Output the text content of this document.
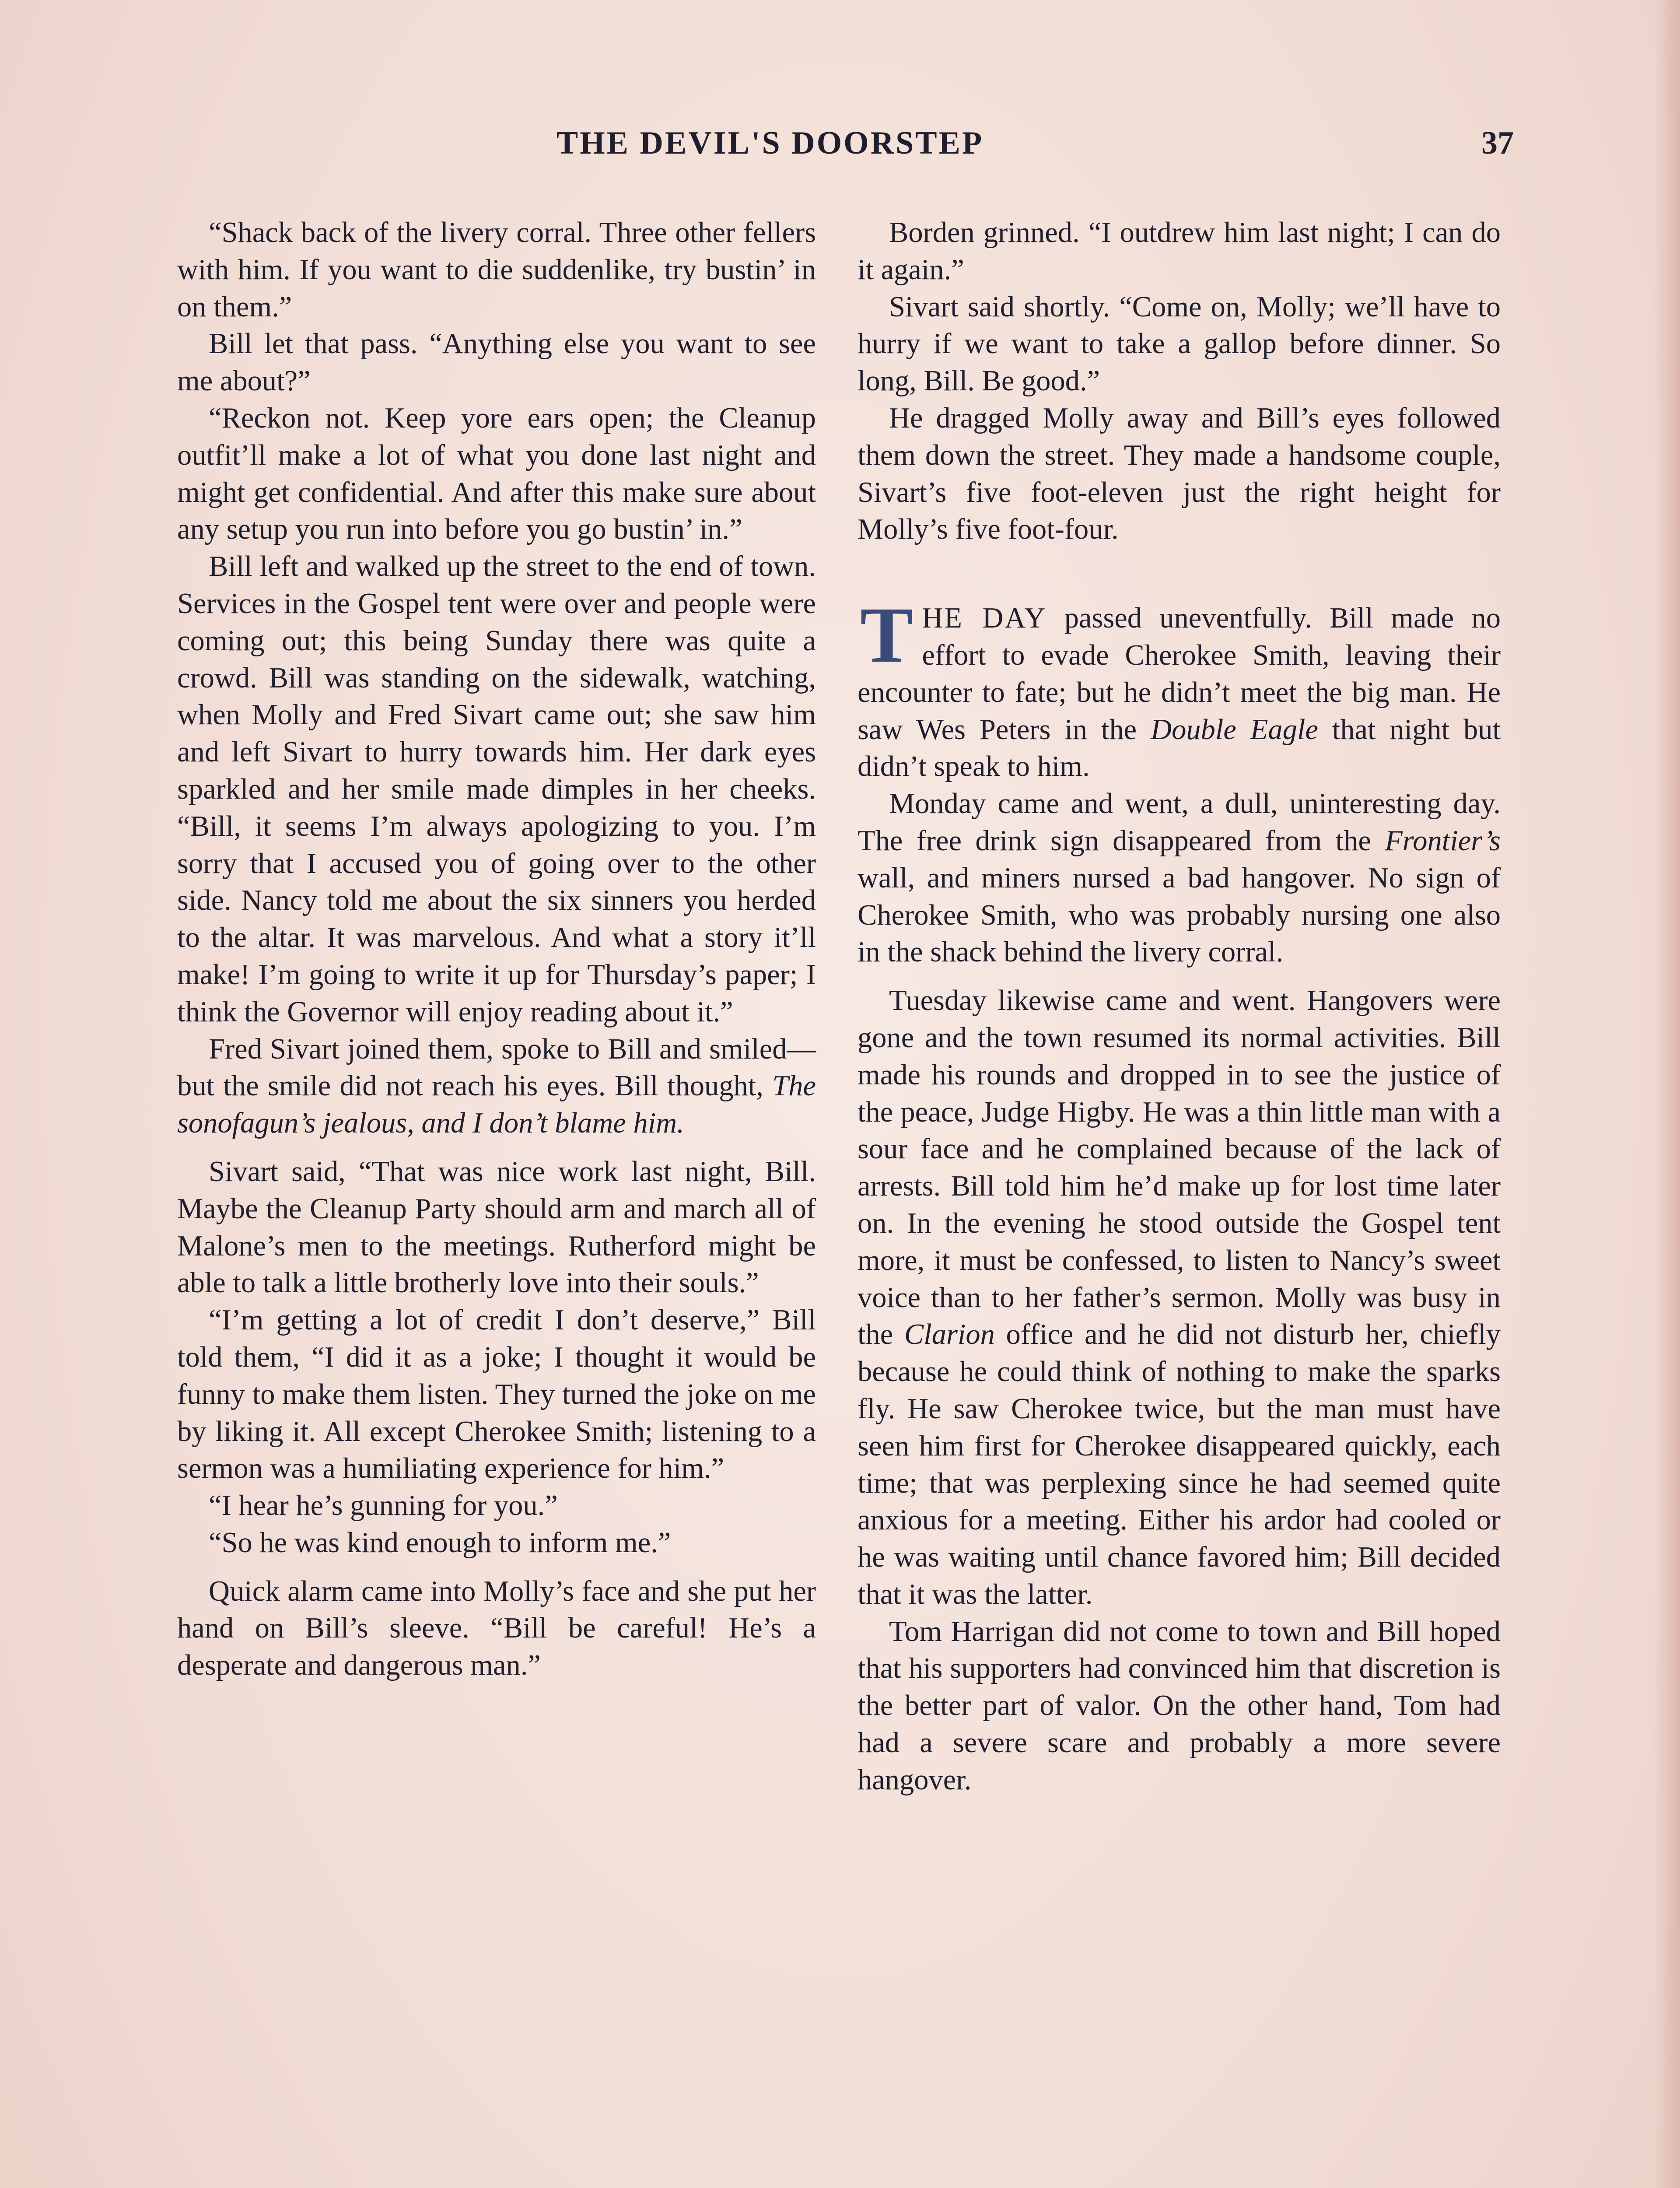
THE DEVIL'S DOORSTEP	37

“Shack back of the livery corral. Three other fellers with him. If you want to die suddenlike, try bustin’ in on them.”

Bill let that pass. “Anything else you want to see me about?”

“Reckon not. Keep yore ears open; the Cleanup outfit’ll make a lot of what you done last night and might get confidential. And after this make sure about any setup you run into before you go bustin’ in.”

Bill left and walked up the street to the end of town. Services in the Gospel tent were over and people were coming out; this being Sunday there was quite a crowd. Bill was standing on the sidewalk, watching, when Molly and Fred Sivart came out; she saw him and left Sivart to hurry towards him. Her dark eyes sparkled and her smile made dimples in her cheeks. “Bill, it seems I’m always apologizing to you. I’m sorry that I accused you of going over to the other side. Nancy told me about the six sinners you herded to the altar. It was marvelous. And what a story it’ll make! I’m going to write it up for Thursday’s paper; I think the Governor will enjoy reading about it.”

Fred Sivart joined them, spoke to Bill and smiled—but the smile did not reach his eyes. Bill thought, The sonofagun’s jealous, and I don’t blame him.

Sivart said, “That was nice work last night, Bill. Maybe the Cleanup Party should arm and march all of Malone’s men to the meetings. Rutherford might be able to talk a little brotherly love into their souls.”

“I’m getting a lot of credit I don’t deserve,” Bill told them, “I did it as a joke; I thought it would be funny to make them listen. They turned the joke on me by liking it. All except Cherokee Smith; listening to a sermon was a humiliating experience for him.”

“I hear he’s gunning for you.”

“So he was kind enough to inform me.”

Quick alarm came into Molly’s face and she put her hand on Bill’s sleeve. “Bill be careful! He’s a desperate and dangerous man.”

Borden grinned. “I outdrew him last night; I can do it again.”

Sivart said shortly. “Come on, Molly; we’ll have to hurry if we want to take a gallop before dinner. So long, Bill. Be good.”

He dragged Molly away and Bill’s eyes followed them down the street. They made a handsome couple, Sivart’s five foot-eleven just the right height for Molly’s five foot-four.

THE DAY passed uneventfully. Bill made no effort to evade Cherokee Smith, leaving their encounter to fate; but he didn’t meet the big man. He saw Wes Peters in the Double Eagle that night but didn’t speak to him.

Monday came and went, a dull, uninteresting day. The free drink sign disappeared from the Frontier’s wall, and miners nursed a bad hangover. No sign of Cherokee Smith, who was probably nursing one also in the shack behind the livery corral.

Tuesday likewise came and went. Hangovers were gone and the town resumed its normal activities. Bill made his rounds and dropped in to see the justice of the peace, Judge Higby. He was a thin little man with a sour face and he complained because of the lack of arrests. Bill told him he’d make up for lost time later on. In the evening he stood outside the Gospel tent more, it must be confessed, to listen to Nancy’s sweet voice than to her father’s sermon. Molly was busy in the Clarion office and he did not disturb her, chiefly because he could think of nothing to make the sparks fly. He saw Cherokee twice, but the man must have seen him first for Cherokee disappeared quickly, each time; that was perplexing since he had seemed quite anxious for a meeting. Either his ardor had cooled or he was waiting until chance favored him; Bill decided that it was the latter.

Tom Harrigan did not come to town and Bill hoped that his supporters had convinced him that discretion is the better part of valor. On the other hand, Tom had had a severe scare and probably a more severe hangover.
